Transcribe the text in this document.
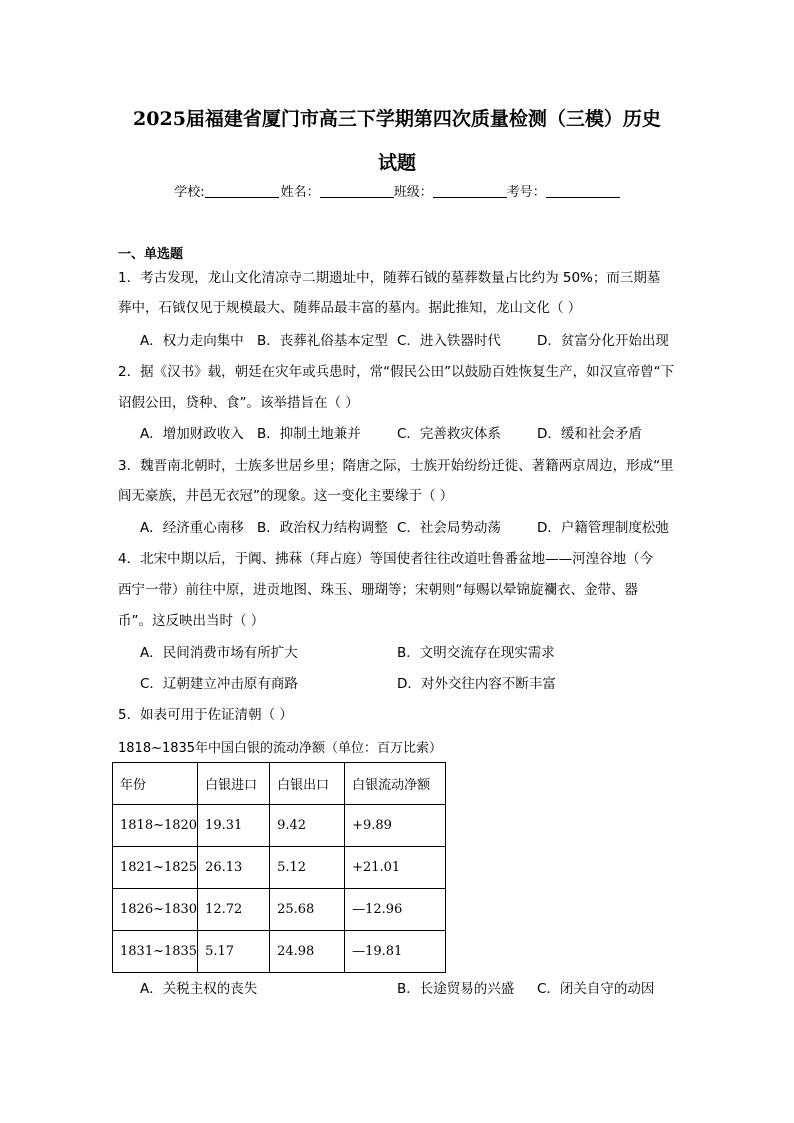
2025届福建省厦门市高三下学期第四次质量检测（三模）历史
试题
学校:	姓名：	班级：	考号：
一、单选题
1．考古发现，龙山文化清凉寺二期遗址中，随葬石钺的墓葬数量占比约为 50%；而三期墓
葬中，石钺仅见于规模最大、随葬品最丰富的墓内。据此推知，龙山文化（ ）
A．权力走向集中 B．丧葬礼俗基本定型 C．进入铁器时代	D．贫富分化开始出现
2．据《汉书》载，朝廷在灾年或兵患时，常“假民公田”以鼓励百姓恢复生产，如汉宣帝曾“下
诏假公田，贷种、食”。该举措旨在（ ）
A．增加财政收入 B．抑制土地兼并	C．完善救灾体系	D．缓和社会矛盾
3．魏晋南北朝时，士族多世居乡里；隋唐之际，士族开始纷纷迁徙、著籍两京周边，形成“里
闾无豪族，井邑无衣冠”的现象。这一变化主要缘于（ ）
A．经济重心南移 B．政治权力结构调整 C．社会局势动荡	D．户籍管理制度松弛
4．北宋中期以后，于阗、拂菻（拜占庭）等国使者往往改道吐鲁番盆地——河湟谷地（今
西宁一带）前往中原，进贡地图、珠玉、珊瑚等；宋朝则“每赐以晕锦旋襴衣、金带、器
币”。这反映出当时（ ）
A．民间消费市场有所扩大	B．文明交流存在现实需求
C．辽朝建立冲击原有商路	D．对外交往内容不断丰富
5．如表可用于佐证清朝（ ）
1818~1835年中国白银的流动净额（单位：百万比索）
年份	白银进口	白银出口	白银流动净额
1818~1820	19.31	9.42	+9.89
1821~1825	26.13	5.12	+21.01
1826~1830	12.72	25.68	—12.96
1831~1835	5.17	24.98	—19.81
A．关税主权的丧失	B．长途贸易的兴盛 C．闭关自守的动因
